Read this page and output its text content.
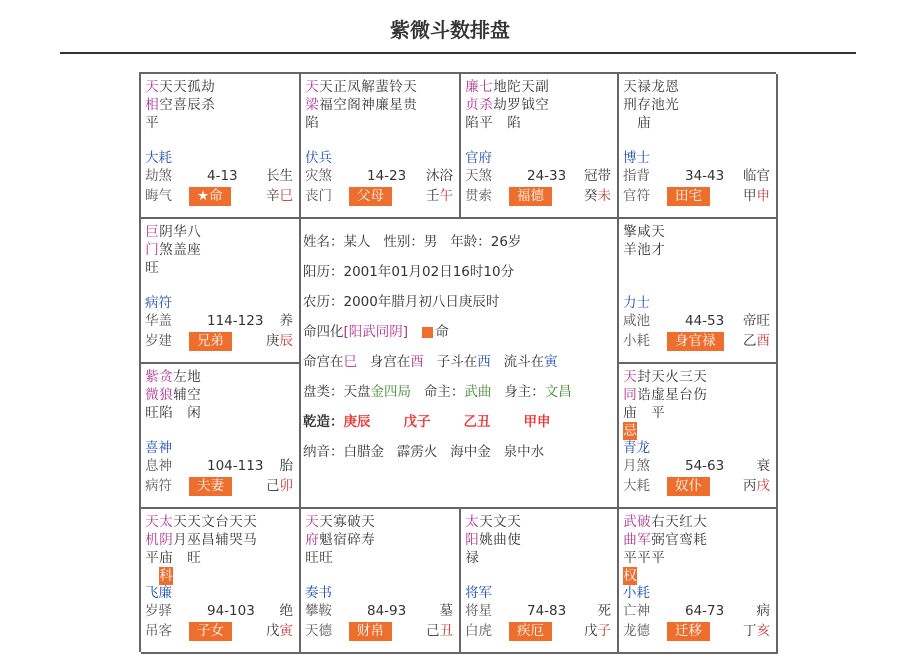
紫微斗数排盘
天
相
平
天
空
天
喜
孤
辰
劫
杀
大耗
劫煞	4-13 长生
晦气	★命	辛巳
天
梁
陷
天
福
正
空
凤
阁
解
神
蜚
廉
铃
星
天
贵
伏兵
灾煞	14-23 沐浴
丧门	父母	壬午
廉
贞
陷
七
杀
平
地
劫
陀
罗
陷
天
钺
副
空
官府
天煞	24-33 冠带
贯索	福德	癸未
天
刑
禄
存
庙
龙
池
恩
光
博士
指背	34-43 临官
官符	田宅	甲申
巨
门
旺
阴
煞
华
盖
八
座
病符
华盖	114-123 养
岁建	兄弟	庚辰
擎
羊
咸
池
天
才
力士
咸池	44-53 帝旺
小耗	身官禄	乙酉
紫
微
旺
贪
狼
陷
左
辅
地
空
闲
喜神
息神	104-113 胎
病符	夫妻	己卯
天
同
庙
忌
封
诰
天
虚
平
火
星
三
台
天
伤
青龙
月煞	54-63 衰
大耗	奴仆	丙戌
天
机
平
太
阴
庙
科
天
月
天
巫
旺
文
昌
台
辅
天
哭
天
马
飞廉
岁驿	94-103 绝
吊客	子女	戊寅
天
府
旺
天
魁
旺
寡
宿
破
碎
天
寿
奏书
攀鞍	84-93 墓
天德	财帛	己丑
太
阳
禄
天
姚
文
曲
天
使
将军
将星	74-83 死
白虎	疾厄	戊子
武
曲
平
权
破
军
平
右
弼
平
天
官
红
鸾
大
耗
小耗
亡神	64-73 病
龙德	迁移	丁亥
姓名：某人 性别：男 年龄：26岁
阳历：2001年01月02日16时10分
农历：2000年腊月初八日庚辰时
命四化[阳武同阴] 命
命宫在巳 身宫在酉 子斗在西 流斗在寅
盘类：天盘金四局 命主：武曲 身主：文昌
乾造：庚辰 戊子 乙丑 甲申
纳音：白腊金 霹雳火 海中金 泉中水
